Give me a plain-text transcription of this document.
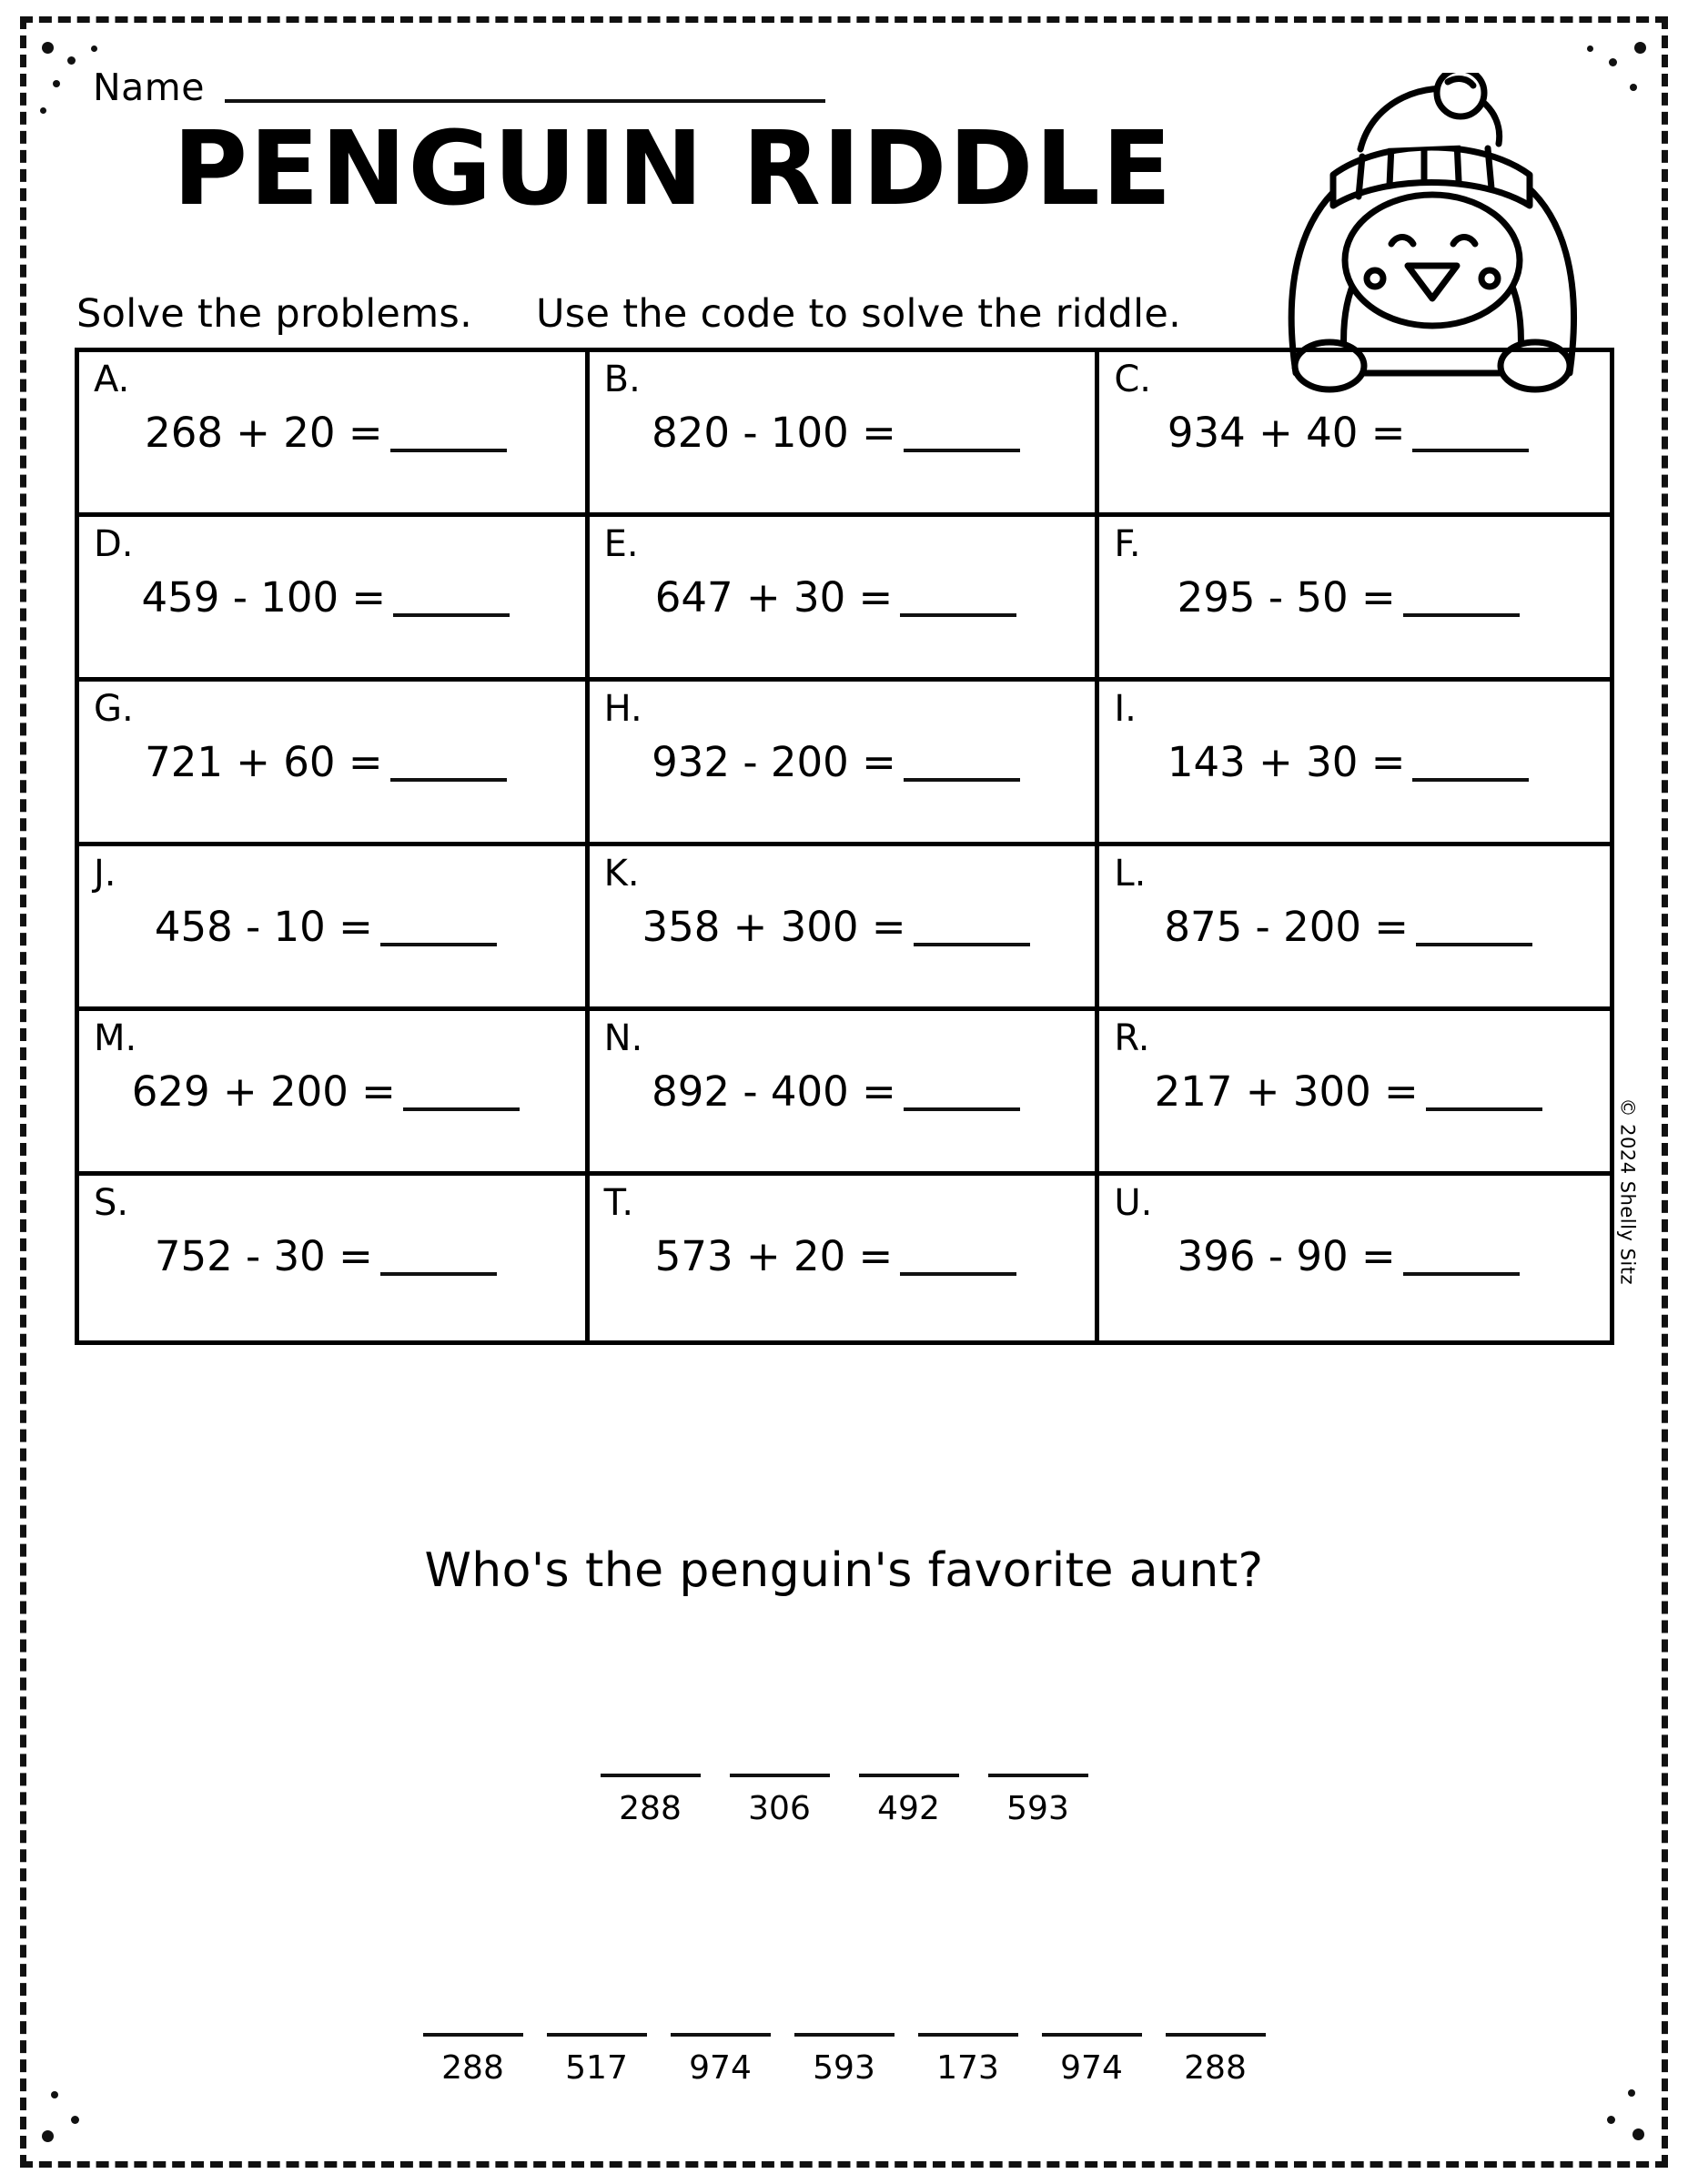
Name
PENGUIN RIDDLE
Solve the problems. Use the code to solve the riddle.
A.
268 + 20 =
B.
820 - 100 =
C.
934 + 40 =
D.
459 - 100 =
E.
647 + 30 =
F.
295 - 50 =
G.
721 + 60 =
H.
932 - 200 =
I.
143 + 30 =
J.
458 - 10 =
K.
358 + 300 =
L.
875 - 200 =
M.
629 + 200 =
N.
892 - 400 =
R.
217 + 300 =
S.
752 - 30 =
T.
573 + 20 =
U.
396 - 90 =	© 2024 Shelly Sitz
Who's the penguin's favorite aunt?
288 306 492 593
288 517 974 593 173 974 288
